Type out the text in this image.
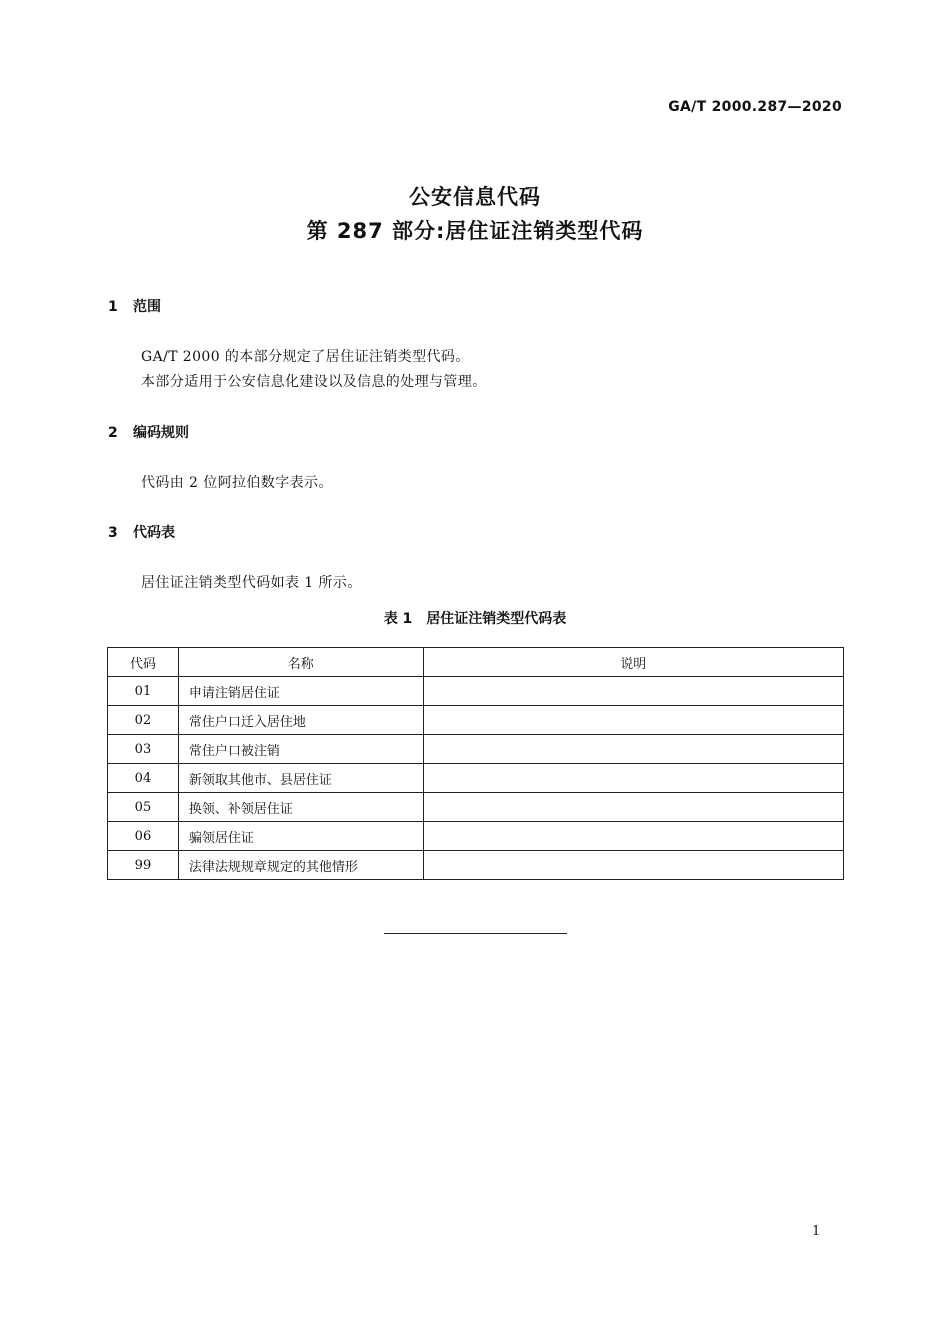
GA/T 2000.287—2020
公安信息代码
第 287 部分:居住证注销类型代码
1 范围
GA/T 2000 的本部分规定了居住证注销类型代码。
本部分适用于公安信息化建设以及信息的处理与管理。
2 编码规则
代码由 2 位阿拉伯数字表示。
3 代码表
居住证注销类型代码如表 1 所示。
表 1 居住证注销类型代码表
代码	名称	说明
01	申请注销居住证	
02	常住户口迁入居住地	
03	常住户口被注销	
04	新领取其他市、县居住证	
05	换领、补领居住证	
06	骗领居住证	
99	法律法规规章规定的其他情形	
1
